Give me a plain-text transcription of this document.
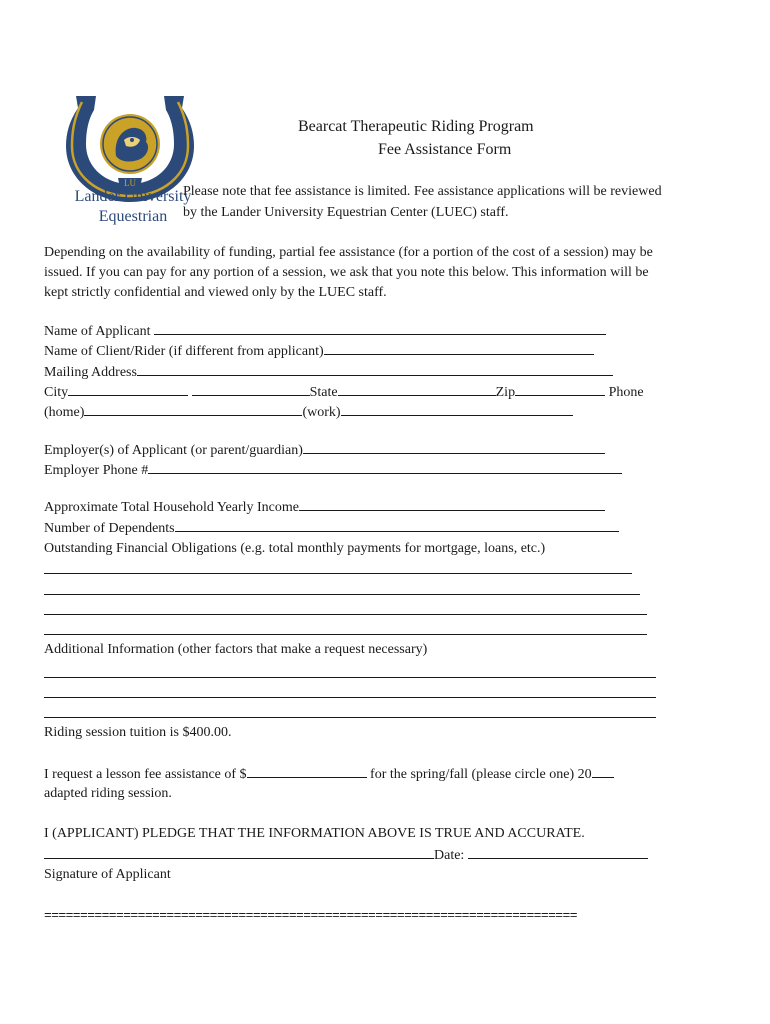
LU
Lander University
Equestrian
Bearcat Therapeutic Riding Program
Fee Assistance Form
Please note that fee assistance is limited. Fee assistance applications will be reviewed
by the Lander University Equestrian Center (LUEC) staff.
Depending on the availability of funding, partial fee assistance (for a portion of the cost of a session) may be
issued. If you can pay for any portion of a session, we ask that you note this below. This information will be
kept strictly confidential and viewed only by the LUEC staff.
Name of Applicant
Name of Client/Rider (if different from applicant)
Mailing Address
City	State	Zip	Phone
(home)	(work)
Employer(s) of Applicant (or parent/guardian)
Employer Phone #
Approximate Total Household Yearly Income
Number of Dependents
Outstanding Financial Obligations (e.g. total monthly payments for mortgage, loans, etc.)
Additional Information (other factors that make a request necessary)
Riding session tuition is $400.00.
I request a lesson fee assistance of $	for the spring/fall (please circle one) 20
adapted riding session.
I (APPLICANT) PLEDGE THAT THE INFORMATION ABOVE IS TRUE AND ACCURATE.
Date:
Signature of Applicant
==========================================================================
